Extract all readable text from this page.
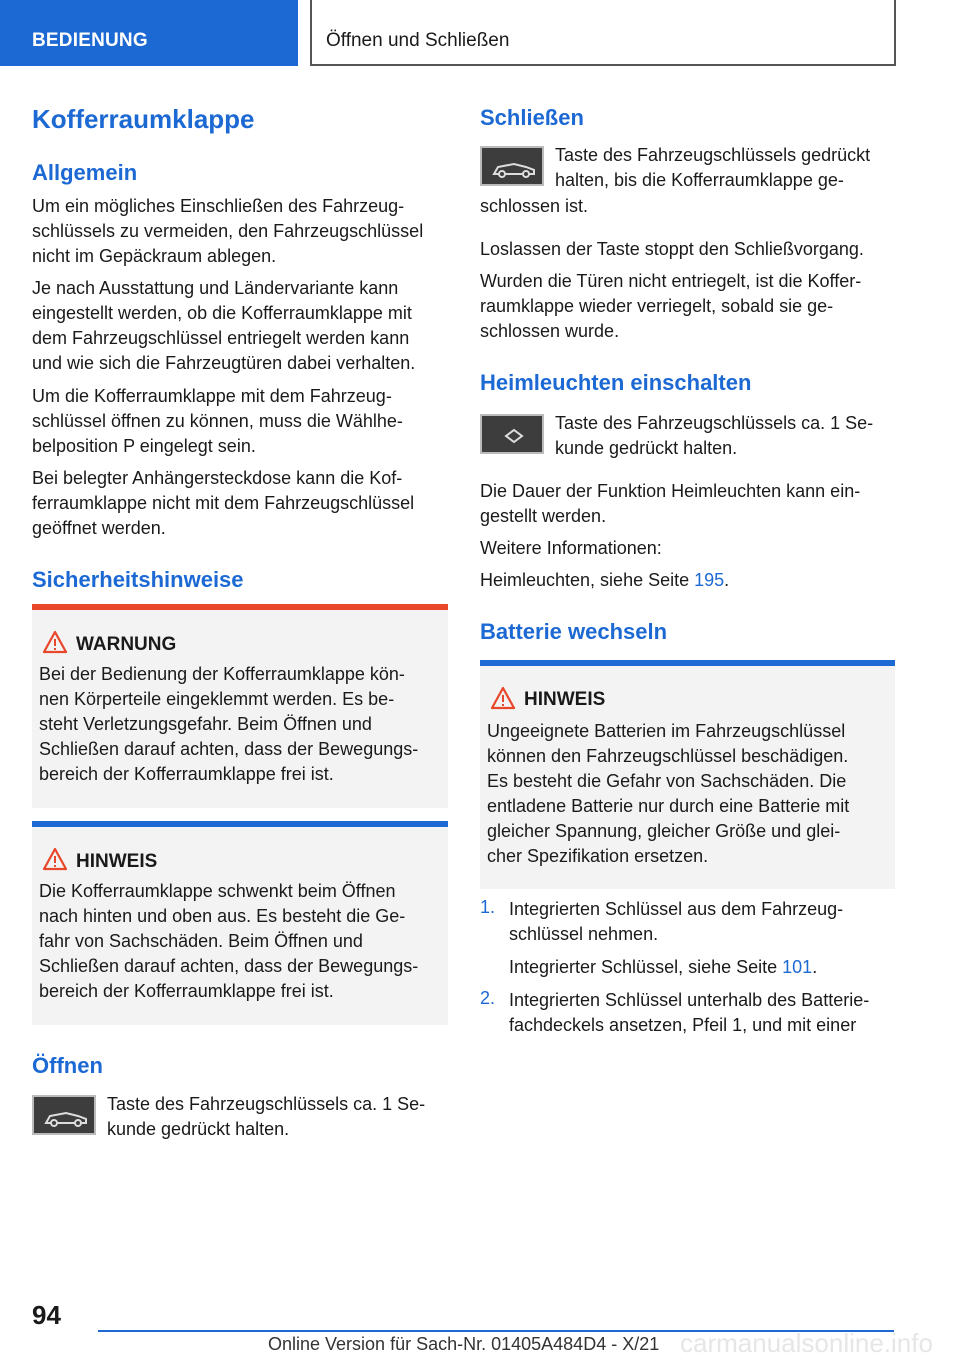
BEDIENUNG	Öffnen und Schließen
Kofferraumklappe
Allgemein
Um ein mögliches Einschließen des Fahrzeug-
schlüssels zu vermeiden, den Fahrzeugschlüssel
nicht im Gepäckraum ablegen.
Je nach Ausstattung und Ländervariante kann
eingestellt werden, ob die Kofferraumklappe mit
dem Fahrzeugschlüssel entriegelt werden kann
und wie sich die Fahrzeugtüren dabei verhalten.
Um die Kofferraumklappe mit dem Fahrzeug-
schlüssel öffnen zu können, muss die Wählhe-
belposition P eingelegt sein.
Bei belegter Anhängersteckdose kann die Kof-
ferraumklappe nicht mit dem Fahrzeugschlüssel
geöffnet werden.
Sicherheitshinweise
WARNUNG
Bei der Bedienung der Kofferraumklappe kön-
nen Körperteile eingeklemmt werden. Es be-
steht Verletzungsgefahr. Beim Öffnen und
Schließen darauf achten, dass der Bewegungs-
bereich der Kofferraumklappe frei ist.
HINWEIS
Die Kofferraumklappe schwenkt beim Öffnen
nach hinten und oben aus. Es besteht die Ge-
fahr von Sachschäden. Beim Öffnen und
Schließen darauf achten, dass der Bewegungs-
bereich der Kofferraumklappe frei ist.
Öffnen
Taste des Fahrzeugschlüssels ca. 1 Se-
kunde gedrückt halten.
Schließen
Taste des Fahrzeugschlüssels gedrückt
halten, bis die Kofferraumklappe ge-
schlossen ist.
Loslassen der Taste stoppt den Schließvorgang.
Wurden die Türen nicht entriegelt, ist die Koffer-
raumklappe wieder verriegelt, sobald sie ge-
schlossen wurde.
Heimleuchten einschalten
Taste des Fahrzeugschlüssels ca. 1 Se-
kunde gedrückt halten.
Die Dauer der Funktion Heimleuchten kann ein-
gestellt werden.
Weitere Informationen:
Heimleuchten, siehe Seite 195.
Batterie wechseln
HINWEIS
Ungeeignete Batterien im Fahrzeugschlüssel
können den Fahrzeugschlüssel beschädigen.
Es besteht die Gefahr von Sachschäden. Die
entladene Batterie nur durch eine Batterie mit
gleicher Spannung, gleicher Größe und glei-
cher Spezifikation ersetzen.
1. Integrierten Schlüssel aus dem Fahrzeug-
schlüssel nehmen.
Integrierter Schlüssel, siehe Seite 101.
2. Integrierten Schlüssel unterhalb des Batterie-
fachdeckels ansetzen, Pfeil 1, und mit einer
94
Online Version für Sach-Nr. 01405A484D4 - X/21 carmanualsonline.info
